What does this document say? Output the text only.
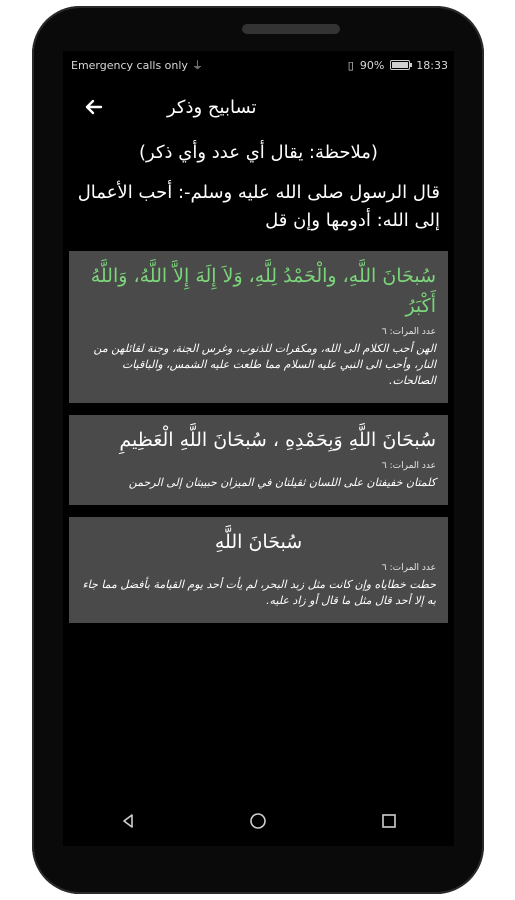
Emergency calls only ⏚	▯ 90%	18:33
تسابيح وذكر
(ملاحظة: يقال أي عدد وأي ذكر)
قال الرسول صلى الله عليه وسلم-: أحب الأعمال إلى الله: أدومها وإن قل
سُبحَانَ اللَّهِ، والْحَمْدُ لِلَّهِ، وَلاَ إِلَهَ إِلاَّ اللَّهُ، وَاللَّهُ أَكْبَرُ
عدد المرات: ٦
الهن أحب الكلام الى الله، ومكفرات للذنوب، وغرس الجنة، وجنة لقائلهن من النار، وأحب الى النبي عليه السلام مما طلعت عليه الشمس، والباقيات الصالحات.
سُبحَانَ اللَّهِ وَبِحَمْدِهِ ، سُبحَانَ اللَّهِ الْعَظِيمِ
عدد المرات: ٦
كلمتان خفيفتان على اللسان ثقيلتان في الميزان حبيبتان إلى الرحمن
سُبحَانَ اللَّهِ
عدد المرات: ٦
حطت خطاياه وإن كانت مثل زبد البحر، لم يأت أحد يوم القيامة بأفضل مما جاء به إلا أحد قال مثل ما قال أو زاد عليه.
